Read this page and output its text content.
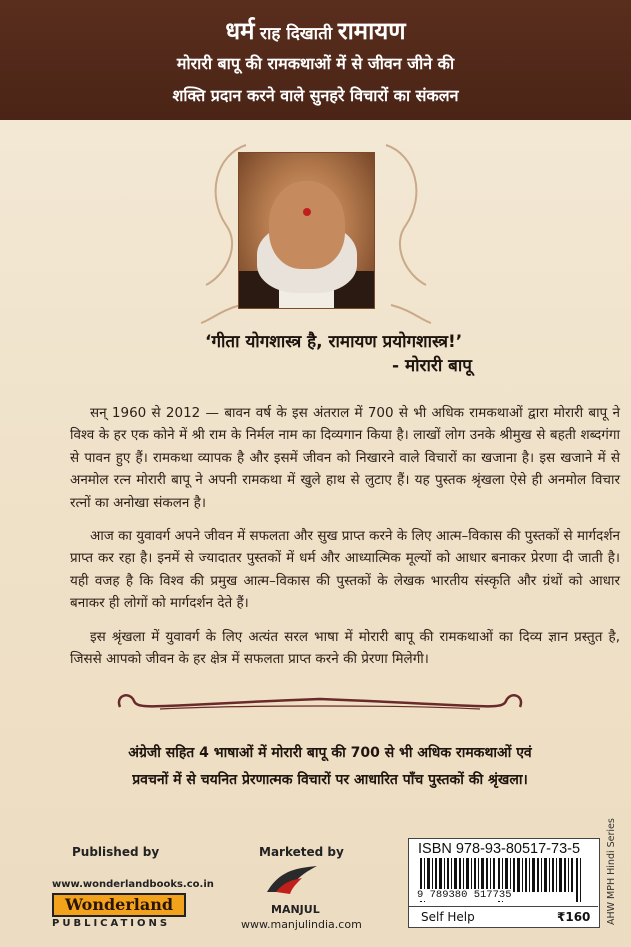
धर्म राह दिखाती रामायण
मोरारी बापू की रामकथाओं में से जीवन जीने की
शक्ति प्रदान करने वाले सुनहरे विचारों का संकलन
‘गीता योगशास्त्र है, रामायण प्रयोगशास्त्र!’
- मोरारी बापू

सन् 1960 से 2012 — बावन वर्ष के इस अंतराल में 700 से भी अधिक रामकथाओं द्वारा मोरारी बापू ने विश्व के हर एक कोने में श्री राम के निर्मल नाम का दिव्यगान किया है। लाखों लोग उनके श्रीमुख से बहती शब्दगंगा से पावन हुए हैं। रामकथा व्यापक है और इसमें जीवन को निखारने वाले विचारों का खजाना है। इस खजाने में से अनमोल रत्न मोरारी बापू ने अपनी रामकथा में खुले हाथ से लुटाए हैं। यह पुस्तक श्रृंखला ऐसे ही अनमोल विचार रत्नों का अनोखा संकलन है।

आज का युवावर्ग अपने जीवन में सफलता और सुख प्राप्त करने के लिए आत्म–विकास की पुस्तकों से मार्गदर्शन प्राप्त कर रहा है। इनमें से ज्यादातर पुस्तकों में धर्म और आध्यात्मिक मूल्यों को आधार बनाकर प्रेरणा दी जाती है। यही वजह है कि विश्व की प्रमुख आत्म–विकास की पुस्तकों के लेखक भारतीय संस्कृति और ग्रंथों को आधार बनाकर ही लोगों को मार्गदर्शन देते हैं।

इस श्रृंखला में युवावर्ग के लिए अत्यंत सरल भाषा में मोरारी बापू की रामकथाओं का दिव्य ज्ञान प्रस्तुत है, जिससे आपको जीवन के हर क्षेत्र में सफलता प्राप्त करने की प्रेरणा मिलेगी।

अंग्रेजी सहित 4 भाषाओं में मोरारी बापू की 700 से भी अधिक रामकथाओं एवं
प्रवचनों में से चयनित प्रेरणात्मक विचारों पर आधारित पाँच पुस्तकों की श्रृंखला।
Published by
www.wonderlandbooks.co.in
Wonderland
PUBLICATIONS
Marketed by
MANJUL
www.manjulindia.com
ISBN 978-93-80517-73-5
9 789380 517735
Self Help	₹160 AHW MPH Hindi Series
